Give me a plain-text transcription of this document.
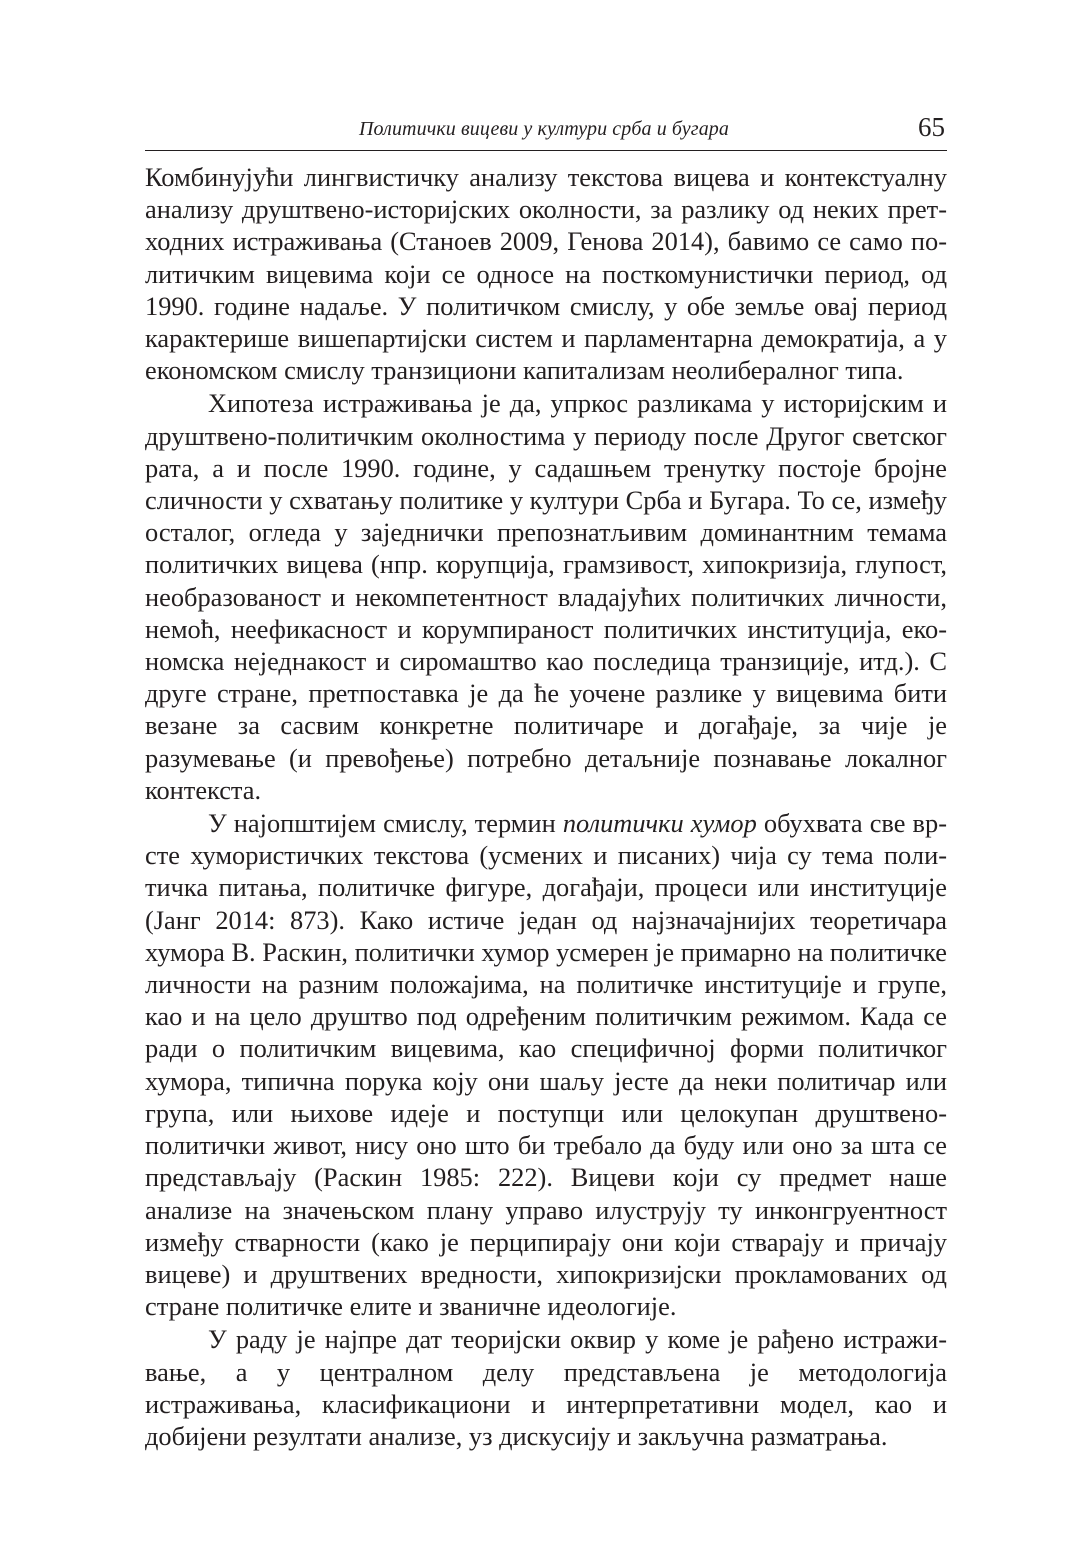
Политички вицеви у култури срба и бугара	65

Комбинујући лингвистичку анализу текстова вицева и контекстуалну анализу друштвено-историјских околности, за разлику од неких претходних истраживања (Станоев 2009, Генова 2014), бавимо се само политичким вицевима који се односе на посткомунистички период, од 1990. године надаље. У политичком смислу, у обе земље овај период карактерише вишепартијски систем и парламентарна демократија, а у економском смислу транзициони капитализам неолибералног типа.

Хипотеза истраживања је да, упркос разликама у историјским и друштвено-политичким околностима у периоду после Другог светског рата, а и после 1990. године, у садашњем тренутку постоје бројне сличности у схватању политике у култури Срба и Бугара. То се, између осталог, огледа у заједнички препознатљивим доминантним темама политичких вицева (нпр. корупција, грамзивост, хипокризија, глупост, необразованост и некомпетентност владајућих политичких личности, немоћ, неефикасност и корумпираност политичких институција, економска неједнакост и сиромаштво као последица транзиције, итд.). С друге стране, претпоставка је да ће уочене разлике у вицевима бити везане за сасвим конкретне политичаре и догађаје, за чије је разумевање (и превођење) потребно детаљније познавање локалног контекста.

У најопштијем смислу, термин политички хумор обухвата све врсте хумористичких текстова (усмених и писаних) чија су тема политичка питања, политичке фигуре, догађаји, процеси или институције (Јанг 2014: 873). Како истиче један од најзначајнијих теоретичара хумора В. Раскин, политички хумор усмерен је примарно на политичке личности на разним положајима, на политичке институције и групе, као и на цело друштво под одређеним политичким режимом. Када се ради о политичким вицевима, као специфичној форми политичког хумора, типична порука коју они шаљу јесте да неки политичар или група, или њихове идеје и поступци или целокупан друштвено-политички живот, нису оно што би требало да буду или оно за шта се представљају (Раскин 1985: 222). Вицеви који су предмет наше анализе на значењском плану управо илуструју ту инконгруентност између стварности (како је перципирају они који стварају и причају вицеве) и друштвених вредности, хипокризијски прокламованих од стране политичке елите и званичне идеологије.

У раду је најпре дат теоријски оквир у коме је рађено истраживање, а у централном делу представљена је методологија истраживања, класификациони и интерпретативни модел, као и добијени резултати анализе, уз дискусију и закључна разматрања.
